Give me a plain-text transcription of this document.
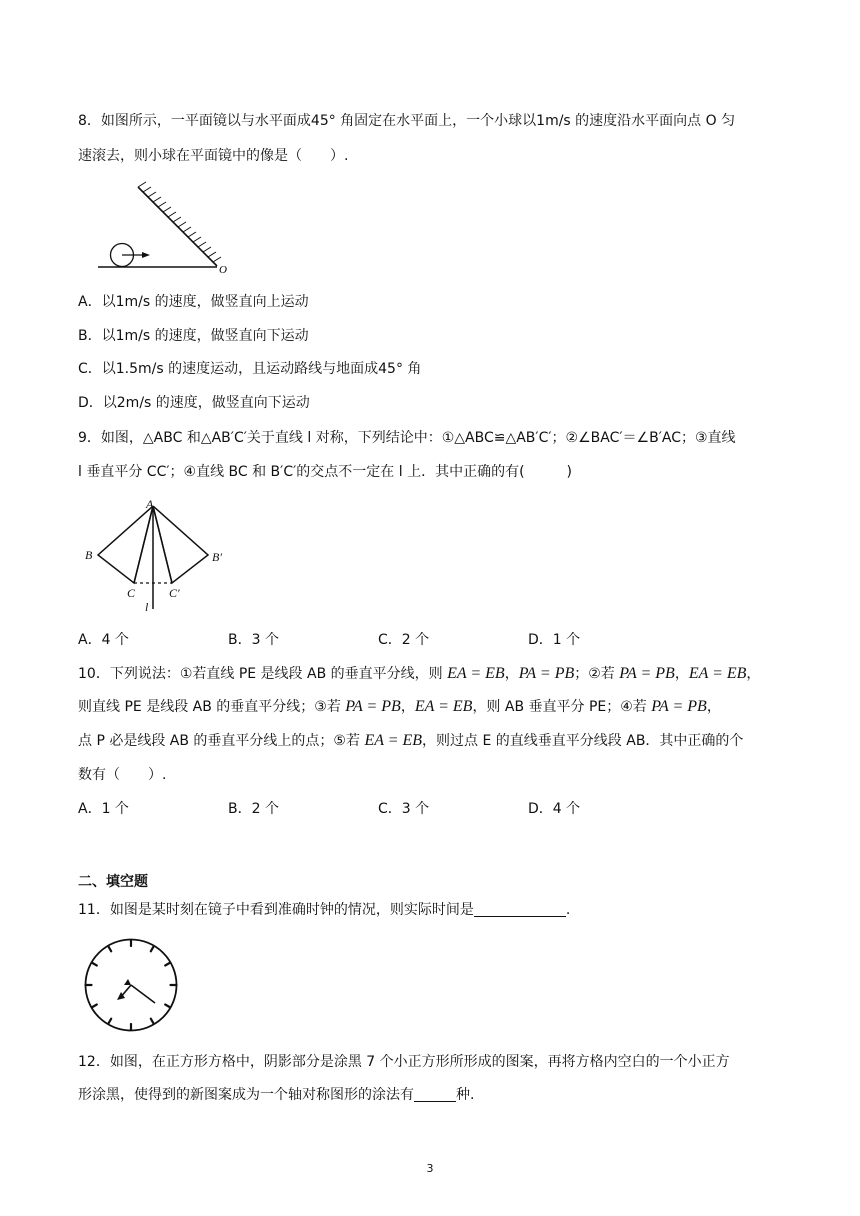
8．如图所示，一平面镜以与水平面成45° 角固定在水平面上，一个小球以1m/s 的速度沿水平面向点 O 匀
速滚去，则小球在平面镜中的像是（　　）.
O
A．以1m/s 的速度，做竖直向上运动
B．以1m/s 的速度，做竖直向下运动
C．以1.5m/s 的速度运动，且运动路线与地面成45° 角
D．以2m/s 的速度，做竖直向下运动
9．如图，△ABC 和△AB′C′关于直线 l 对称，下列结论中：①△ABC≌△AB′C′；②∠BAC′＝∠B′AC；③直线
l 垂直平分 CC′；④直线 BC 和 B′C′的交点不一定在 l 上．其中正确的有(　　　)
A
B	B′
C	C′
l
A．4 个	B．3 个	C．2 个	D．1 个
10．下列说法：①若直线 PE 是线段 AB 的垂直平分线，则 EA = EB，PA = PB；②若 PA = PB，EA = EB，
则直线 PE 是线段 AB 的垂直平分线；③若 PA = PB，EA = EB，则 AB 垂直平分 PE；④若 PA = PB，
点 P 必是线段 AB 的垂直平分线上的点；⑤若 EA = EB，则过点 E 的直线垂直平分线段 AB．其中正确的个
数有（　　）.
A．1 个	B．2 个	C．3 个	D．4 个
二、填空题
11．如图是某时刻在镜子中看到准确时钟的情况，则实际时间是	.
12．如图，在正方形方格中，阴影部分是涂黑 7 个小正方形所形成的图案，再将方格内空白的一个小正方
形涂黑，使得到的新图案成为一个轴对称图形的涂法有	种.
3
